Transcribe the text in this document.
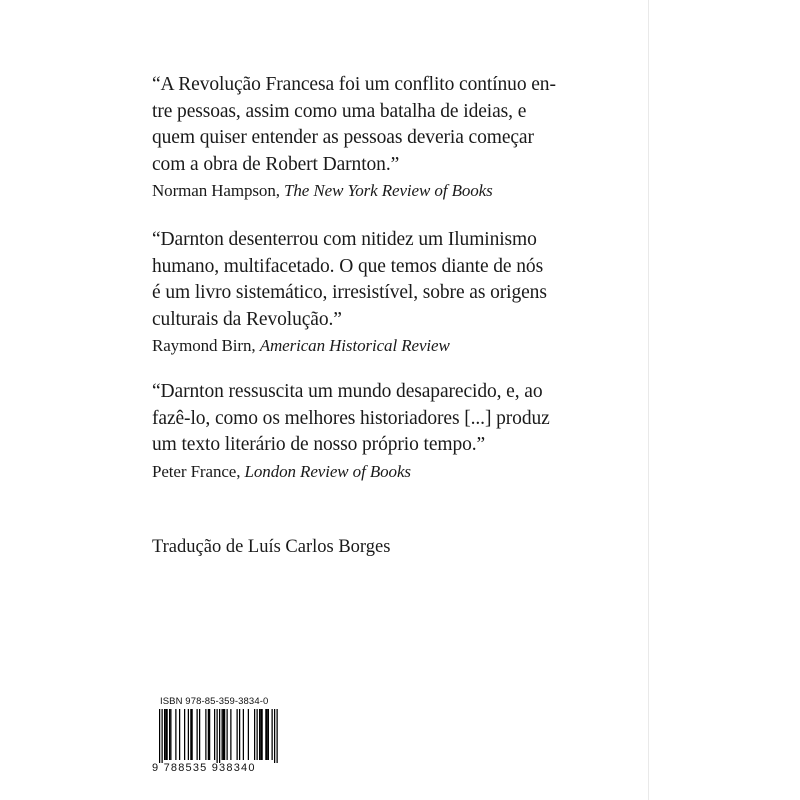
“A Revolução Francesa foi um conflito contínuo en-
tre pessoas, assim como uma batalha de ideias, e
quem quiser entender as pessoas deveria começar
com a obra de Robert Darnton.”
Norman Hampson, The New York Review of Books
“Darnton desenterrou com nitidez um Iluminismo
humano, multifacetado. O que temos diante de nós
é um livro sistemático, irresistível, sobre as origens
culturais da Revolução.”
Raymond Birn, American Historical Review
“Darnton ressuscita um mundo desaparecido, e, ao
fazê-lo, como os melhores historiadores [...] produz
um texto literário de nosso próprio tempo.”
Peter France, London Review of Books
Tradução de Luís Carlos Borges
ISBN 978-85-359-3834-0
9 788535 938340
